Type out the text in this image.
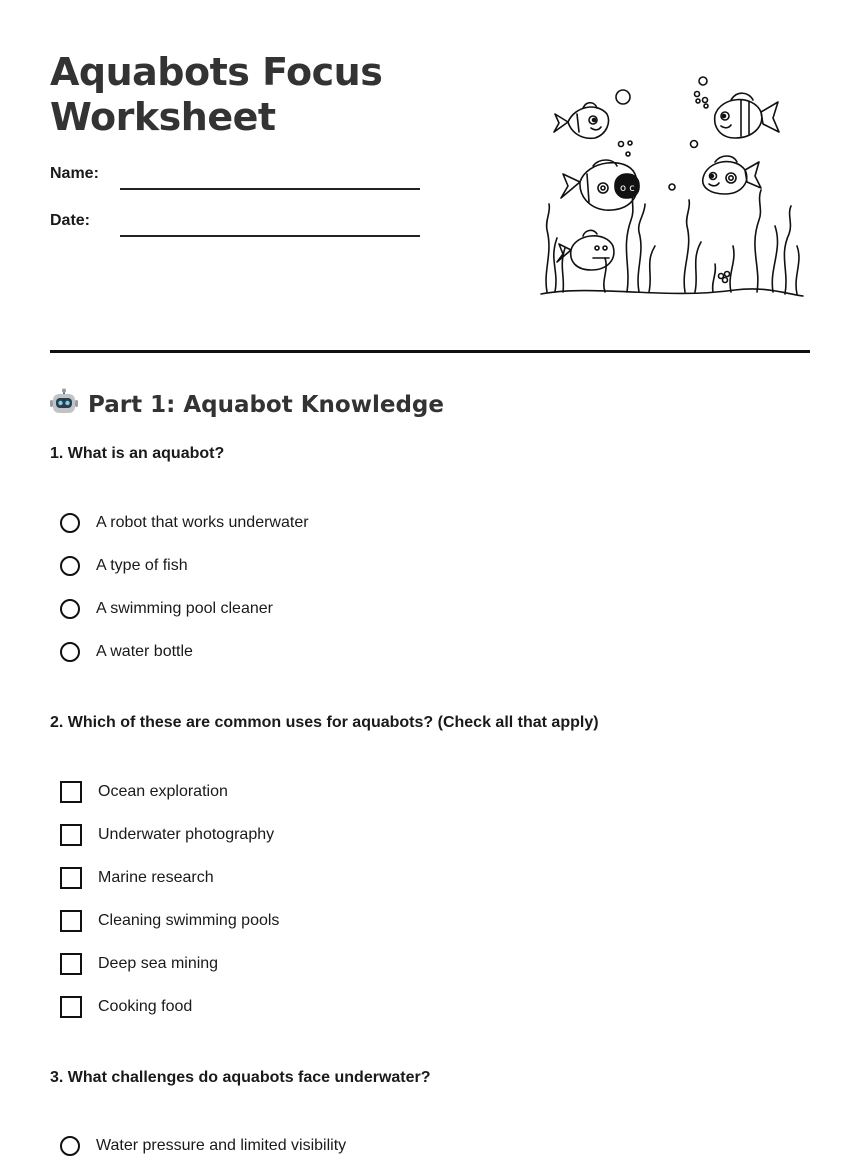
Aquabots Focus
Worksheet
Name:
Date:
o c
Part 1: Aquabot Knowledge

1. What is an aquabot?

A robot that works underwater
A type of fish
A swimming pool cleaner
A water bottle

2. Which of these are common uses for aquabots? (Check all that apply)

Ocean exploration
Underwater photography
Marine research
Cleaning swimming pools
Deep sea mining
Cooking food

3. What challenges do aquabots face underwater?

Water pressure and limited visibility
